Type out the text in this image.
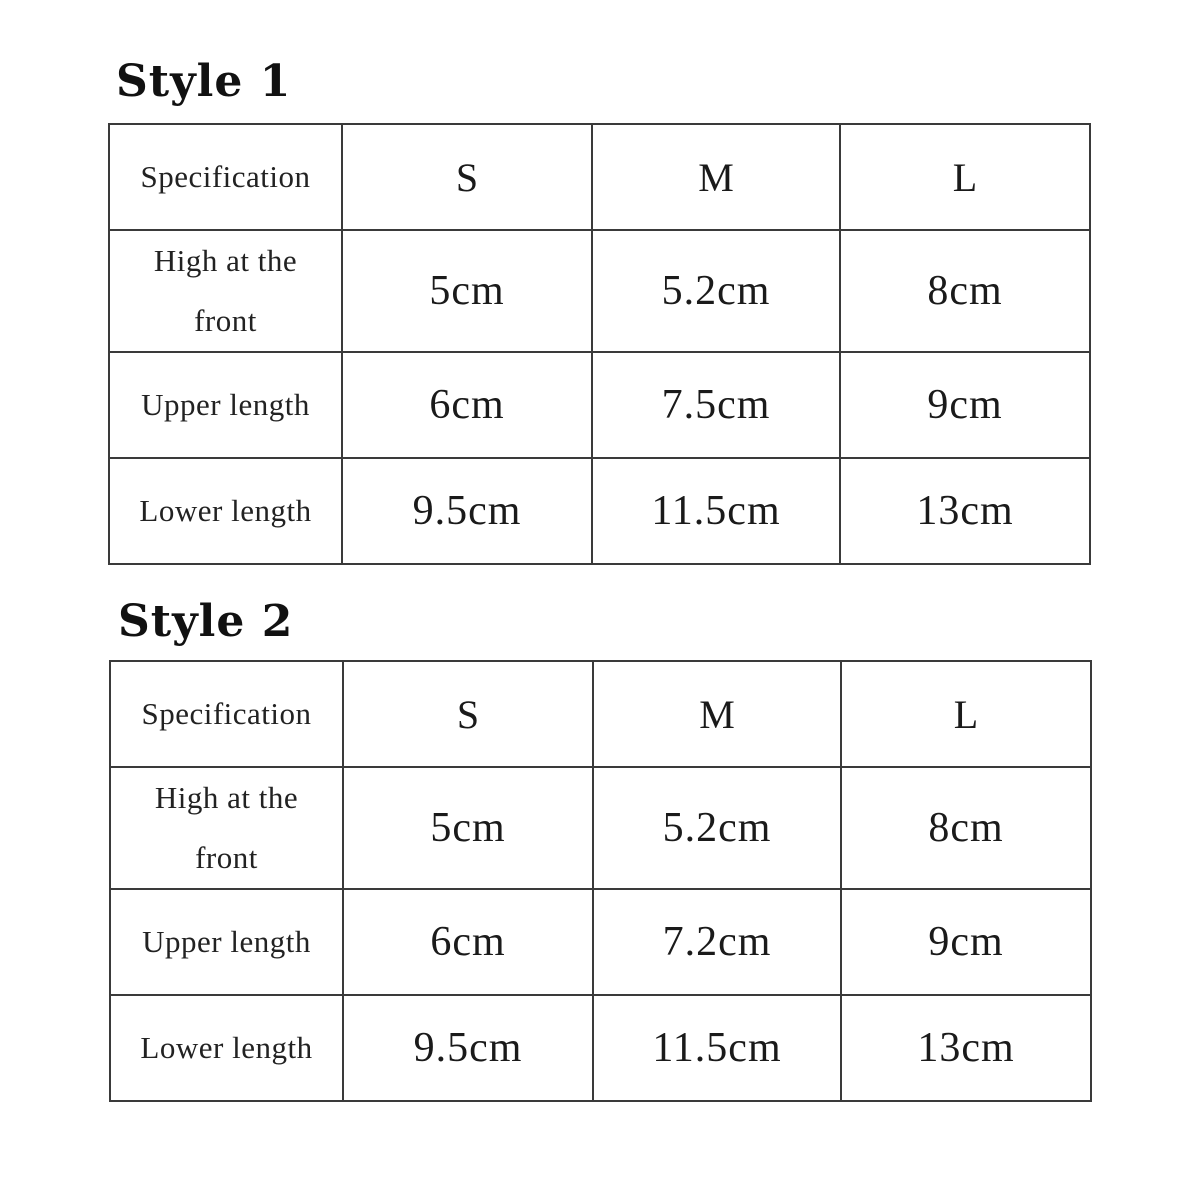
Style 1
Specification	S	M	L
High at the front	5cm	5.2cm	8cm
Upper length	6cm	7.5cm	9cm
Lower length	9.5cm	11.5cm	13cm
Style 2
Specification	S	M	L
High at the front	5cm	5.2cm	8cm
Upper length	6cm	7.2cm	9cm
Lower length	9.5cm	11.5cm	13cm
